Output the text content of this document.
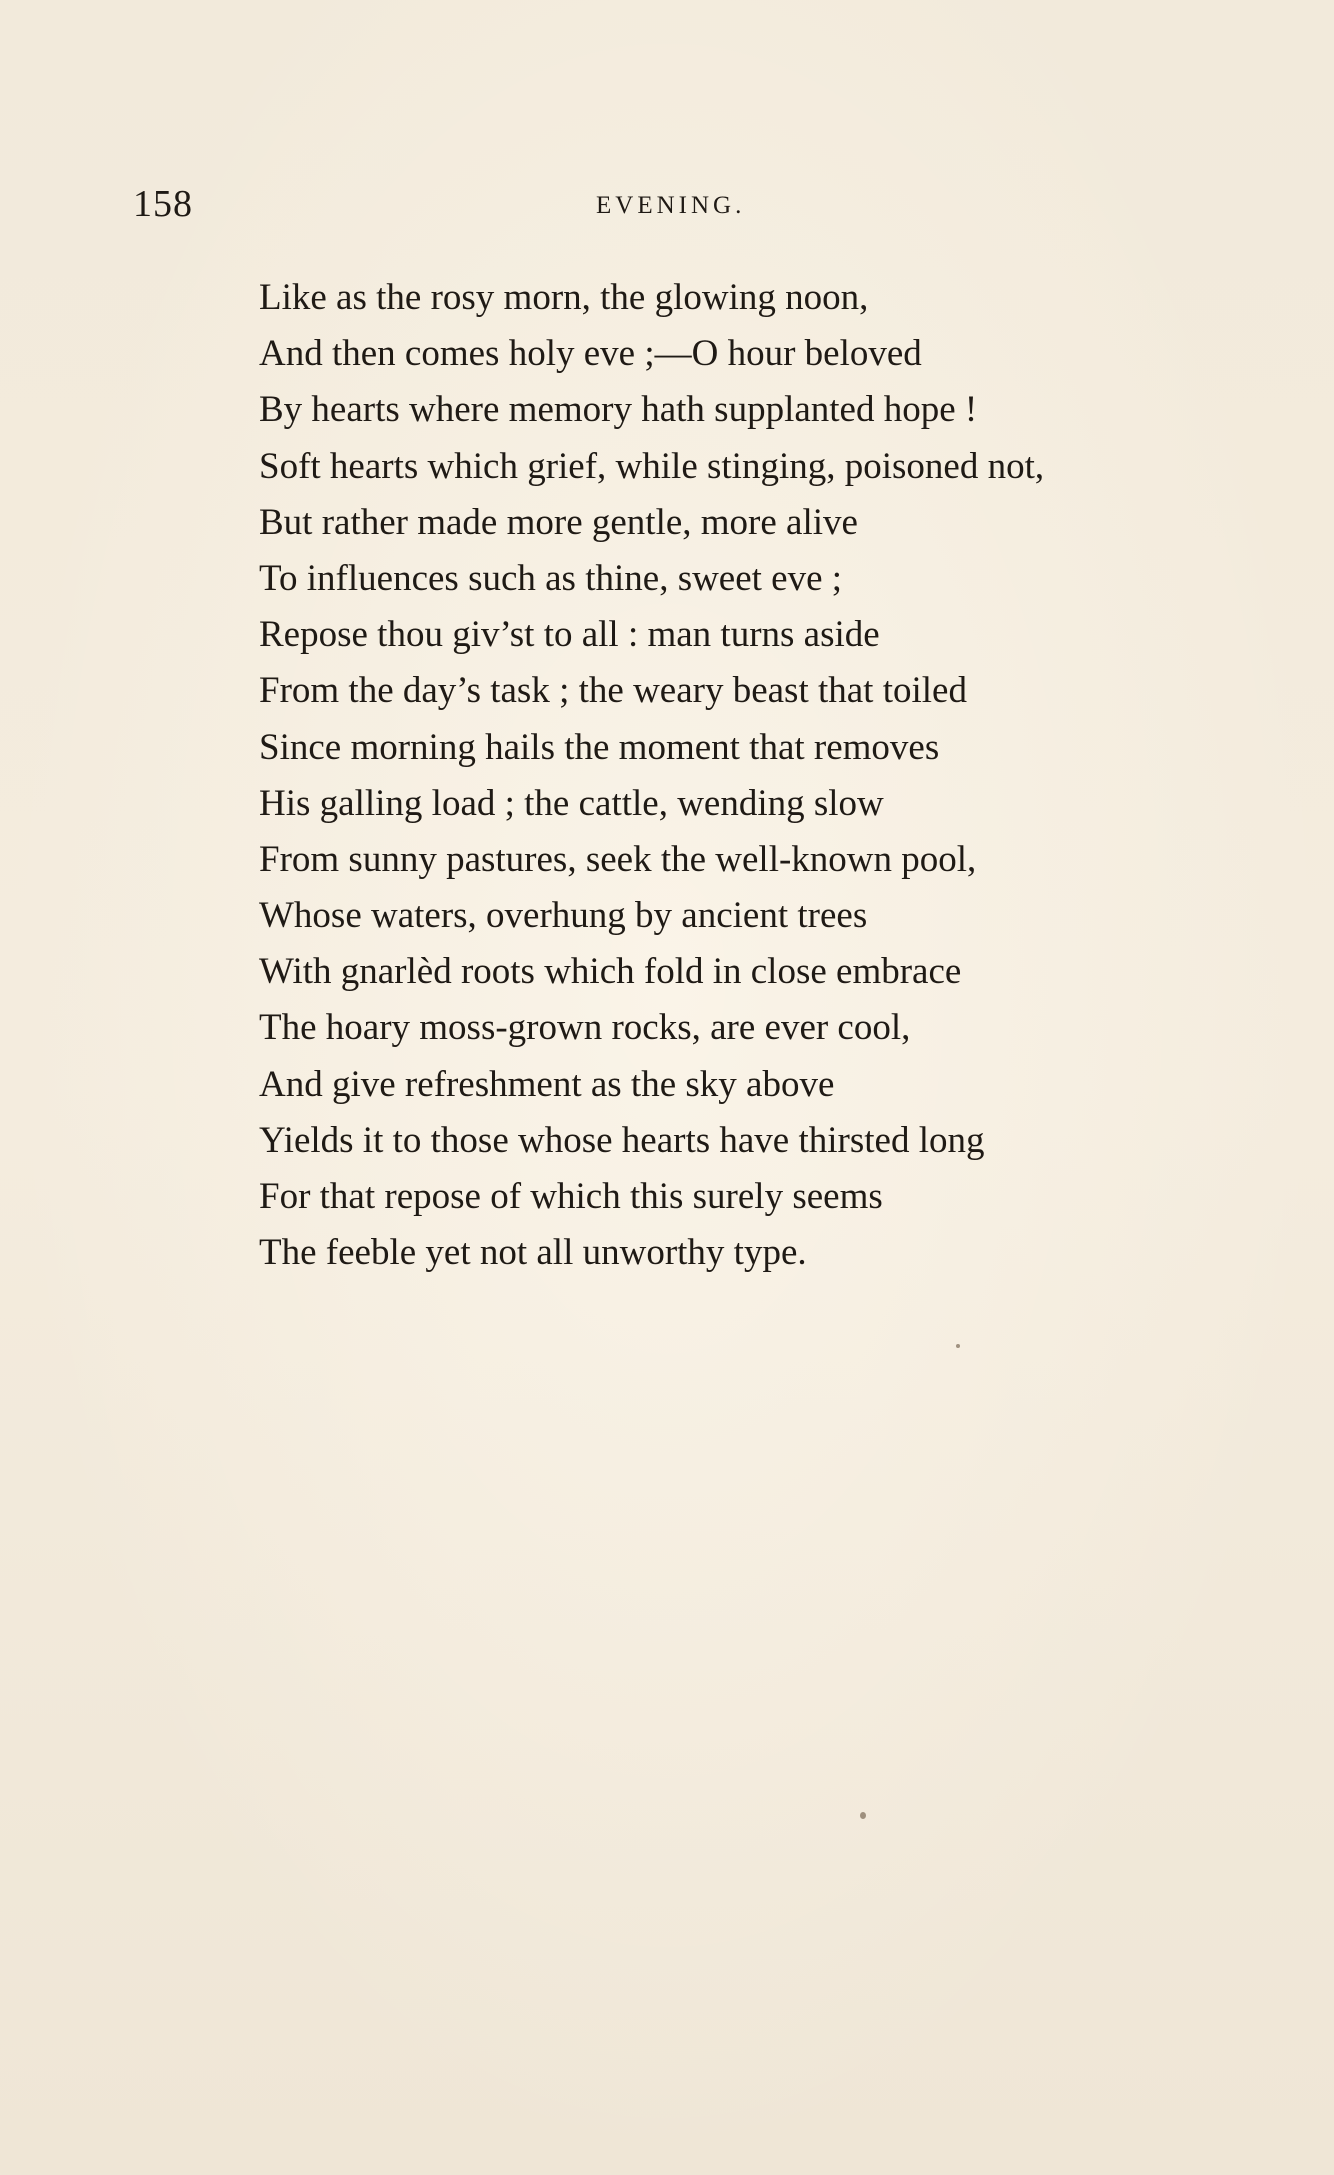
158	EVENING.
Like as the rosy morn, the glowing noon,
And then comes holy eve ;—O hour beloved
By hearts where memory hath supplanted hope !
Soft hearts which grief, while stinging, poisoned not,
But rather made more gentle, more alive
To influences such as thine, sweet eve ;
Repose thou giv’st to all : man turns aside
From the day’s task ; the weary beast that toiled
Since morning hails the moment that removes
His galling load ; the cattle, wending slow
From sunny pastures, seek the well-known pool,
Whose waters, overhung by ancient trees
With gnarlèd roots which fold in close embrace
The hoary moss-grown rocks, are ever cool,
And give refreshment as the sky above
Yields it to those whose hearts have thirsted long
For that repose of which this surely seems
The feeble yet not all unworthy type.
